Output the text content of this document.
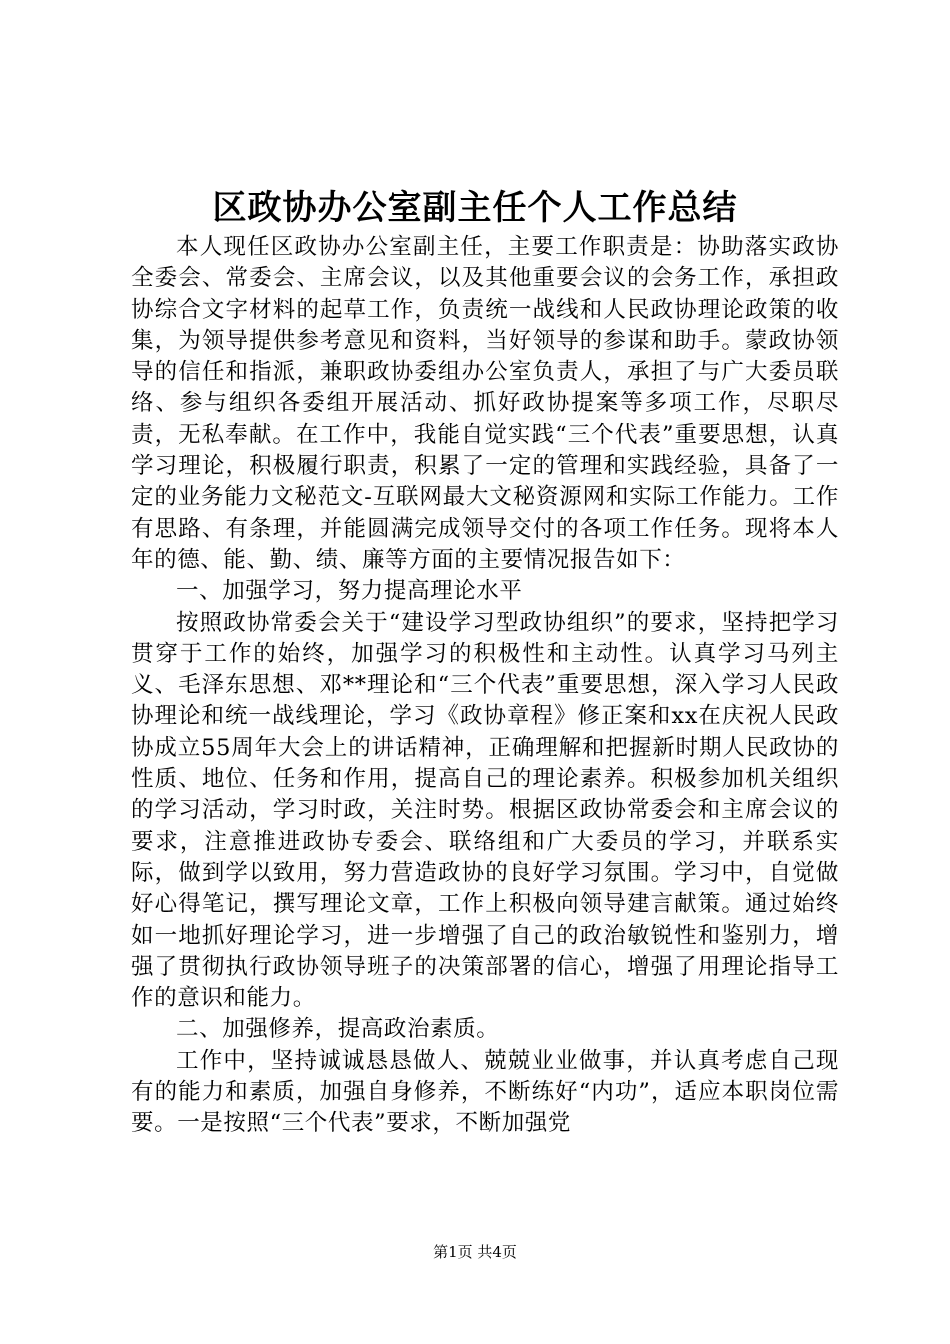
区政协办公室副主任个人工作总结

本人现任区政协办公室副主任，主要工作职责是：协助落实政协全委会、常委会、主席会议，以及其他重要会议的会务工作，承担政协综合文字材料的起草工作，负责统一战线和人民政协理论政策的收集，为领导提供参考意见和资料，当好领导的参谋和助手。蒙政协领导的信任和指派，兼职政协委组办公室负责人，承担了与广大委员联络、参与组织各委组开展活动、抓好政协提案等多项工作，尽职尽责，无私奉献。在工作中，我能自觉实践“三个代表”重要思想，认真学习理论，积极履行职责，积累了一定的管理和实践经验，具备了一定的业务能力文秘范文-互联网最大文秘资源网和实际工作能力。工作有思路、有条理，并能圆满完成领导交付的各项工作任务。现将本人年的德、能、勤、绩、廉等方面的主要情况报告如下：

一、加强学习，努力提高理论水平

按照政协常委会关于“建设学习型政协组织”的要求，坚持把学习贯穿于工作的始终，加强学习的积极性和主动性。认真学习马列主义、毛泽东思想、邓**理论和“三个代表”重要思想，深入学习人民政协理论和统一战线理论，学习《政协章程》修正案和xx在庆祝人民政协成立55周年大会上的讲话精神，正确理解和把握新时期人民政协的性质、地位、任务和作用，提高自己的理论素养。积极参加机关组织的学习活动，学习时政，关注时势。根据区政协常委会和主席会议的要求，注意推进政协专委会、联络组和广大委员的学习，并联系实际，做到学以致用，努力营造政协的良好学习氛围。学习中，自觉做好心得笔记，撰写理论文章，工作上积极向领导建言献策。通过始终如一地抓好理论学习，进一步增强了自己的政治敏锐性和鉴别力，增强了贯彻执行政协领导班子的决策部署的信心，增强了用理论指导工作的意识和能力。

二、加强修养，提高政治素质。

工作中，坚持诚诚恳恳做人、兢兢业业做事，并认真考虑自己现有的能力和素质，加强自身修养，不断练好“内功”，适应本职岗位需要。一是按照“三个代表”要求，不断加强党

第1页 共4页
